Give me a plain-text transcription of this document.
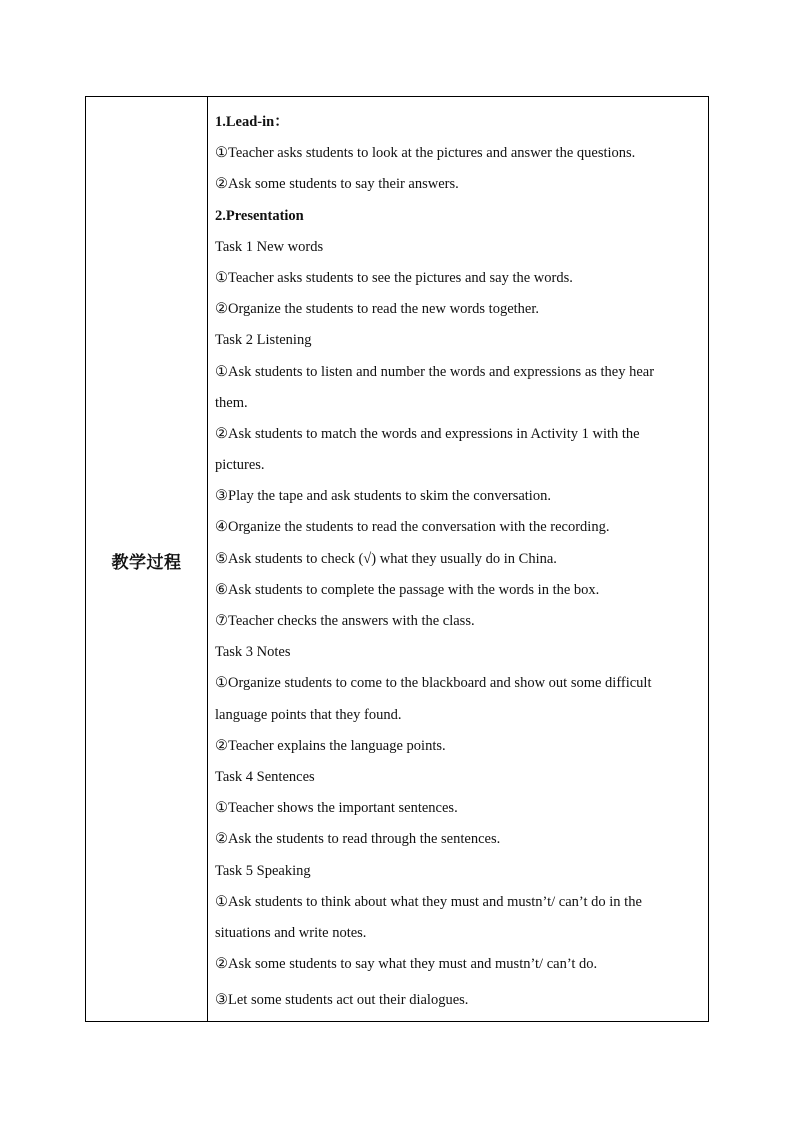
教学过程
1.Lead-in：
①Teacher asks students to look at the pictures and answer the questions.
②Ask some students to say their answers.
2.Presentation
Task 1 New words
①Teacher asks students to see the pictures and say the words.
②Organize the students to read the new words together.
Task 2 Listening
①Ask students to listen and number the words and expressions as they hear
them.
②Ask students to match the words and expressions in Activity 1 with the
pictures.
③Play the tape and ask students to skim the conversation.
④Organize the students to read the conversation with the recording.
⑤Ask students to check (√) what they usually do in China.
⑥Ask students to complete the passage with the words in the box.
⑦Teacher checks the answers with the class.
Task 3 Notes
①Organize students to come to the blackboard and show out some difficult
language points that they found.
②Teacher explains the language points.
Task 4 Sentences
①Teacher shows the important sentences.
②Ask the students to read through the sentences.
Task 5 Speaking
①Ask students to think about what they must and mustn’t/ can’t do in the
situations and write notes.
②Ask some students to say what they must and mustn’t/ can’t do.
③Let some students act out their dialogues.
